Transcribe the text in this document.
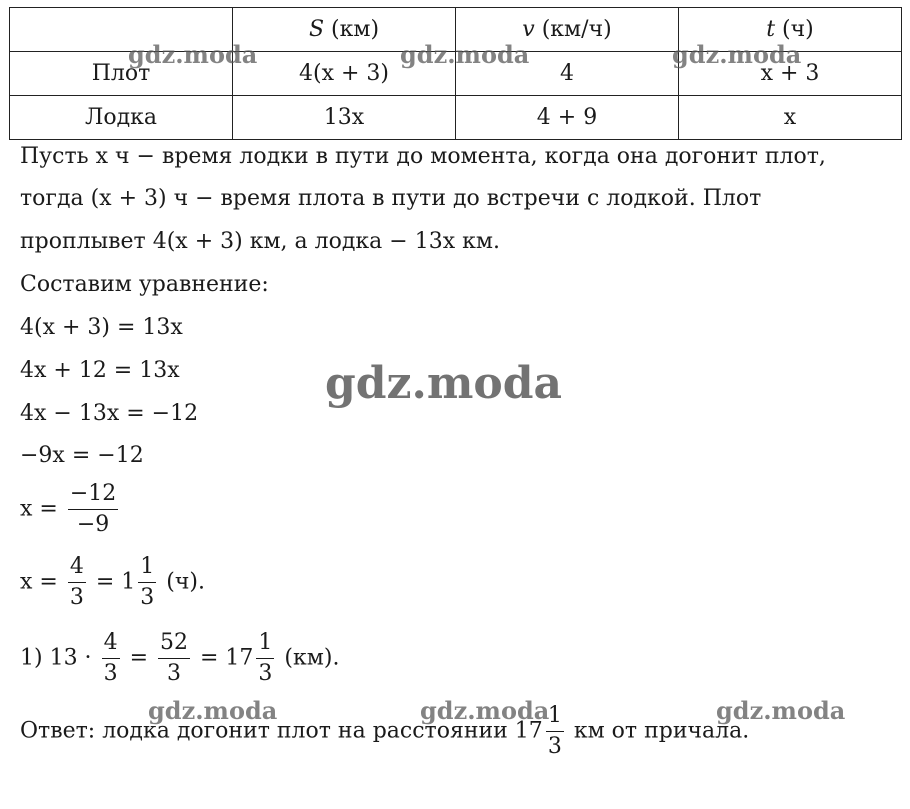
	S (км)	v (км/ч)	t (ч)
Плот	4(x + 3)	4	x + 3
Лодка	13x	4 + 9	x
Пусть x ч − время лодки в пути до момента, когда она догонит плот,
тогда (x + 3) ч − время плота в пути до встречи с лодкой. Плот
проплывет 4(x + 3) км, а лодка − 13x км.
Составим уравнение:
4(x + 3) = 13x
4x + 12 = 13x
4x − 13x = −12
−9x = −12
$x = \frac{-12}{-9}$
$x = \frac{4}{3} = 1 \frac{1}{3} (ч)$.
1) $13 \cdot \frac{4}{3} = \frac{52}{3} = 17 \frac{1}{3} (км)$.
Ответ: лодка догонит плот на расстоянии $17 \frac{1}{3}$ км от причала.
gdz.moda	gdz.moda	gdz.moda
gdz.moda
gdz.moda	gdz.moda	gdz.moda
